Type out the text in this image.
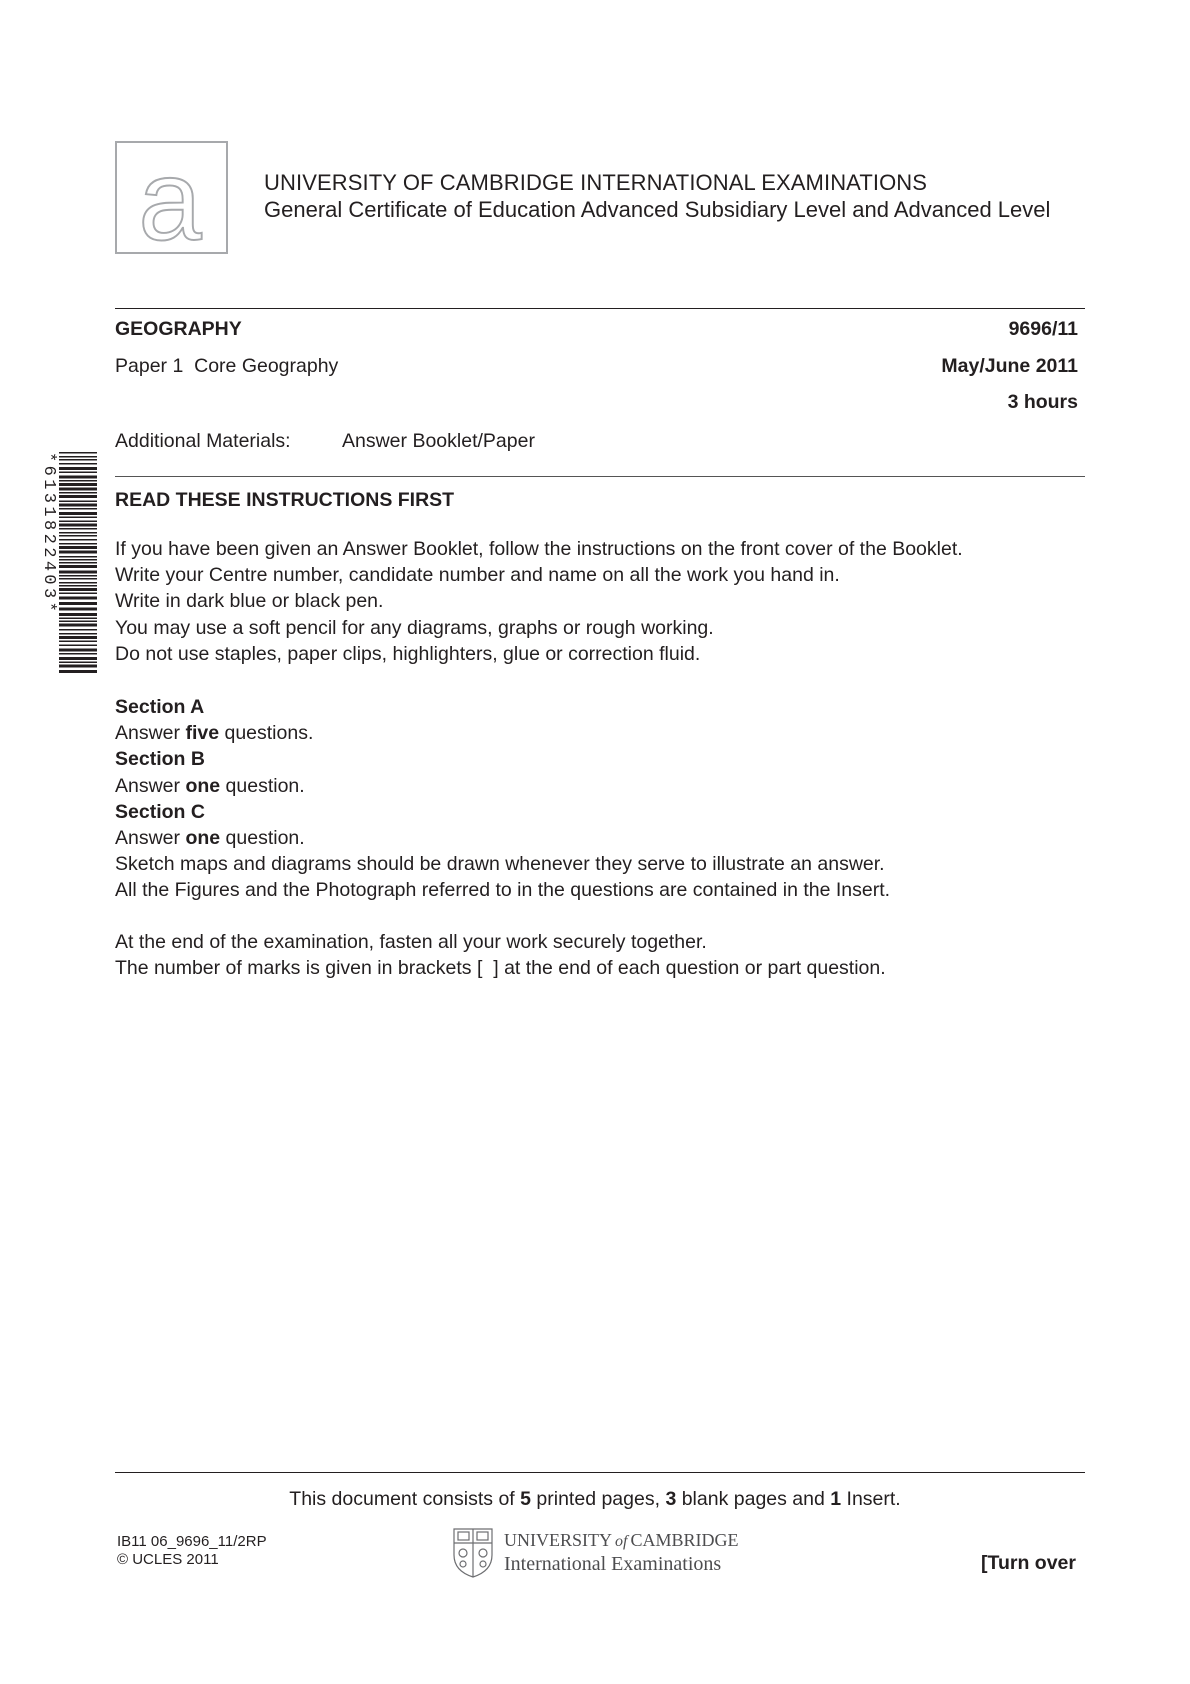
a	UNIVERSITY OF CAMBRIDGE INTERNATIONAL EXAMINATIONS
General Certificate of Education Advanced Subsidiary Level and Advanced Level
GEOGRAPHY	9696/11
Paper 1  Core Geography	May/June 2011
3 hours
Additional Materials:	Answer Booklet/Paper
*6131822403*	READ THESE INSTRUCTIONS FIRST
If you have been given an Answer Booklet, follow the instructions on the front cover of the Booklet.
Write your Centre number, candidate number and name on all the work you hand in.
Write in dark blue or black pen.
You may use a soft pencil for any diagrams, graphs or rough working.
Do not use staples, paper clips, highlighters, glue or correction fluid.
Section A
Answer five questions.
Section B
Answer one question.
Section C
Answer one question.
Sketch maps and diagrams should be drawn whenever they serve to illustrate an answer.
All the Figures and the Photograph referred to in the questions are contained in the Insert.
At the end of the examination, fasten all your work securely together.
The number of marks is given in brackets [  ] at the end of each question or part question.
This document consists of 5 printed pages, 3 blank pages and 1 Insert.
IB11 06_9696_11/2RP
© UCLES 2011
UNIVERSITY of CAMBRIDGE
International Examinations	[Turn over
